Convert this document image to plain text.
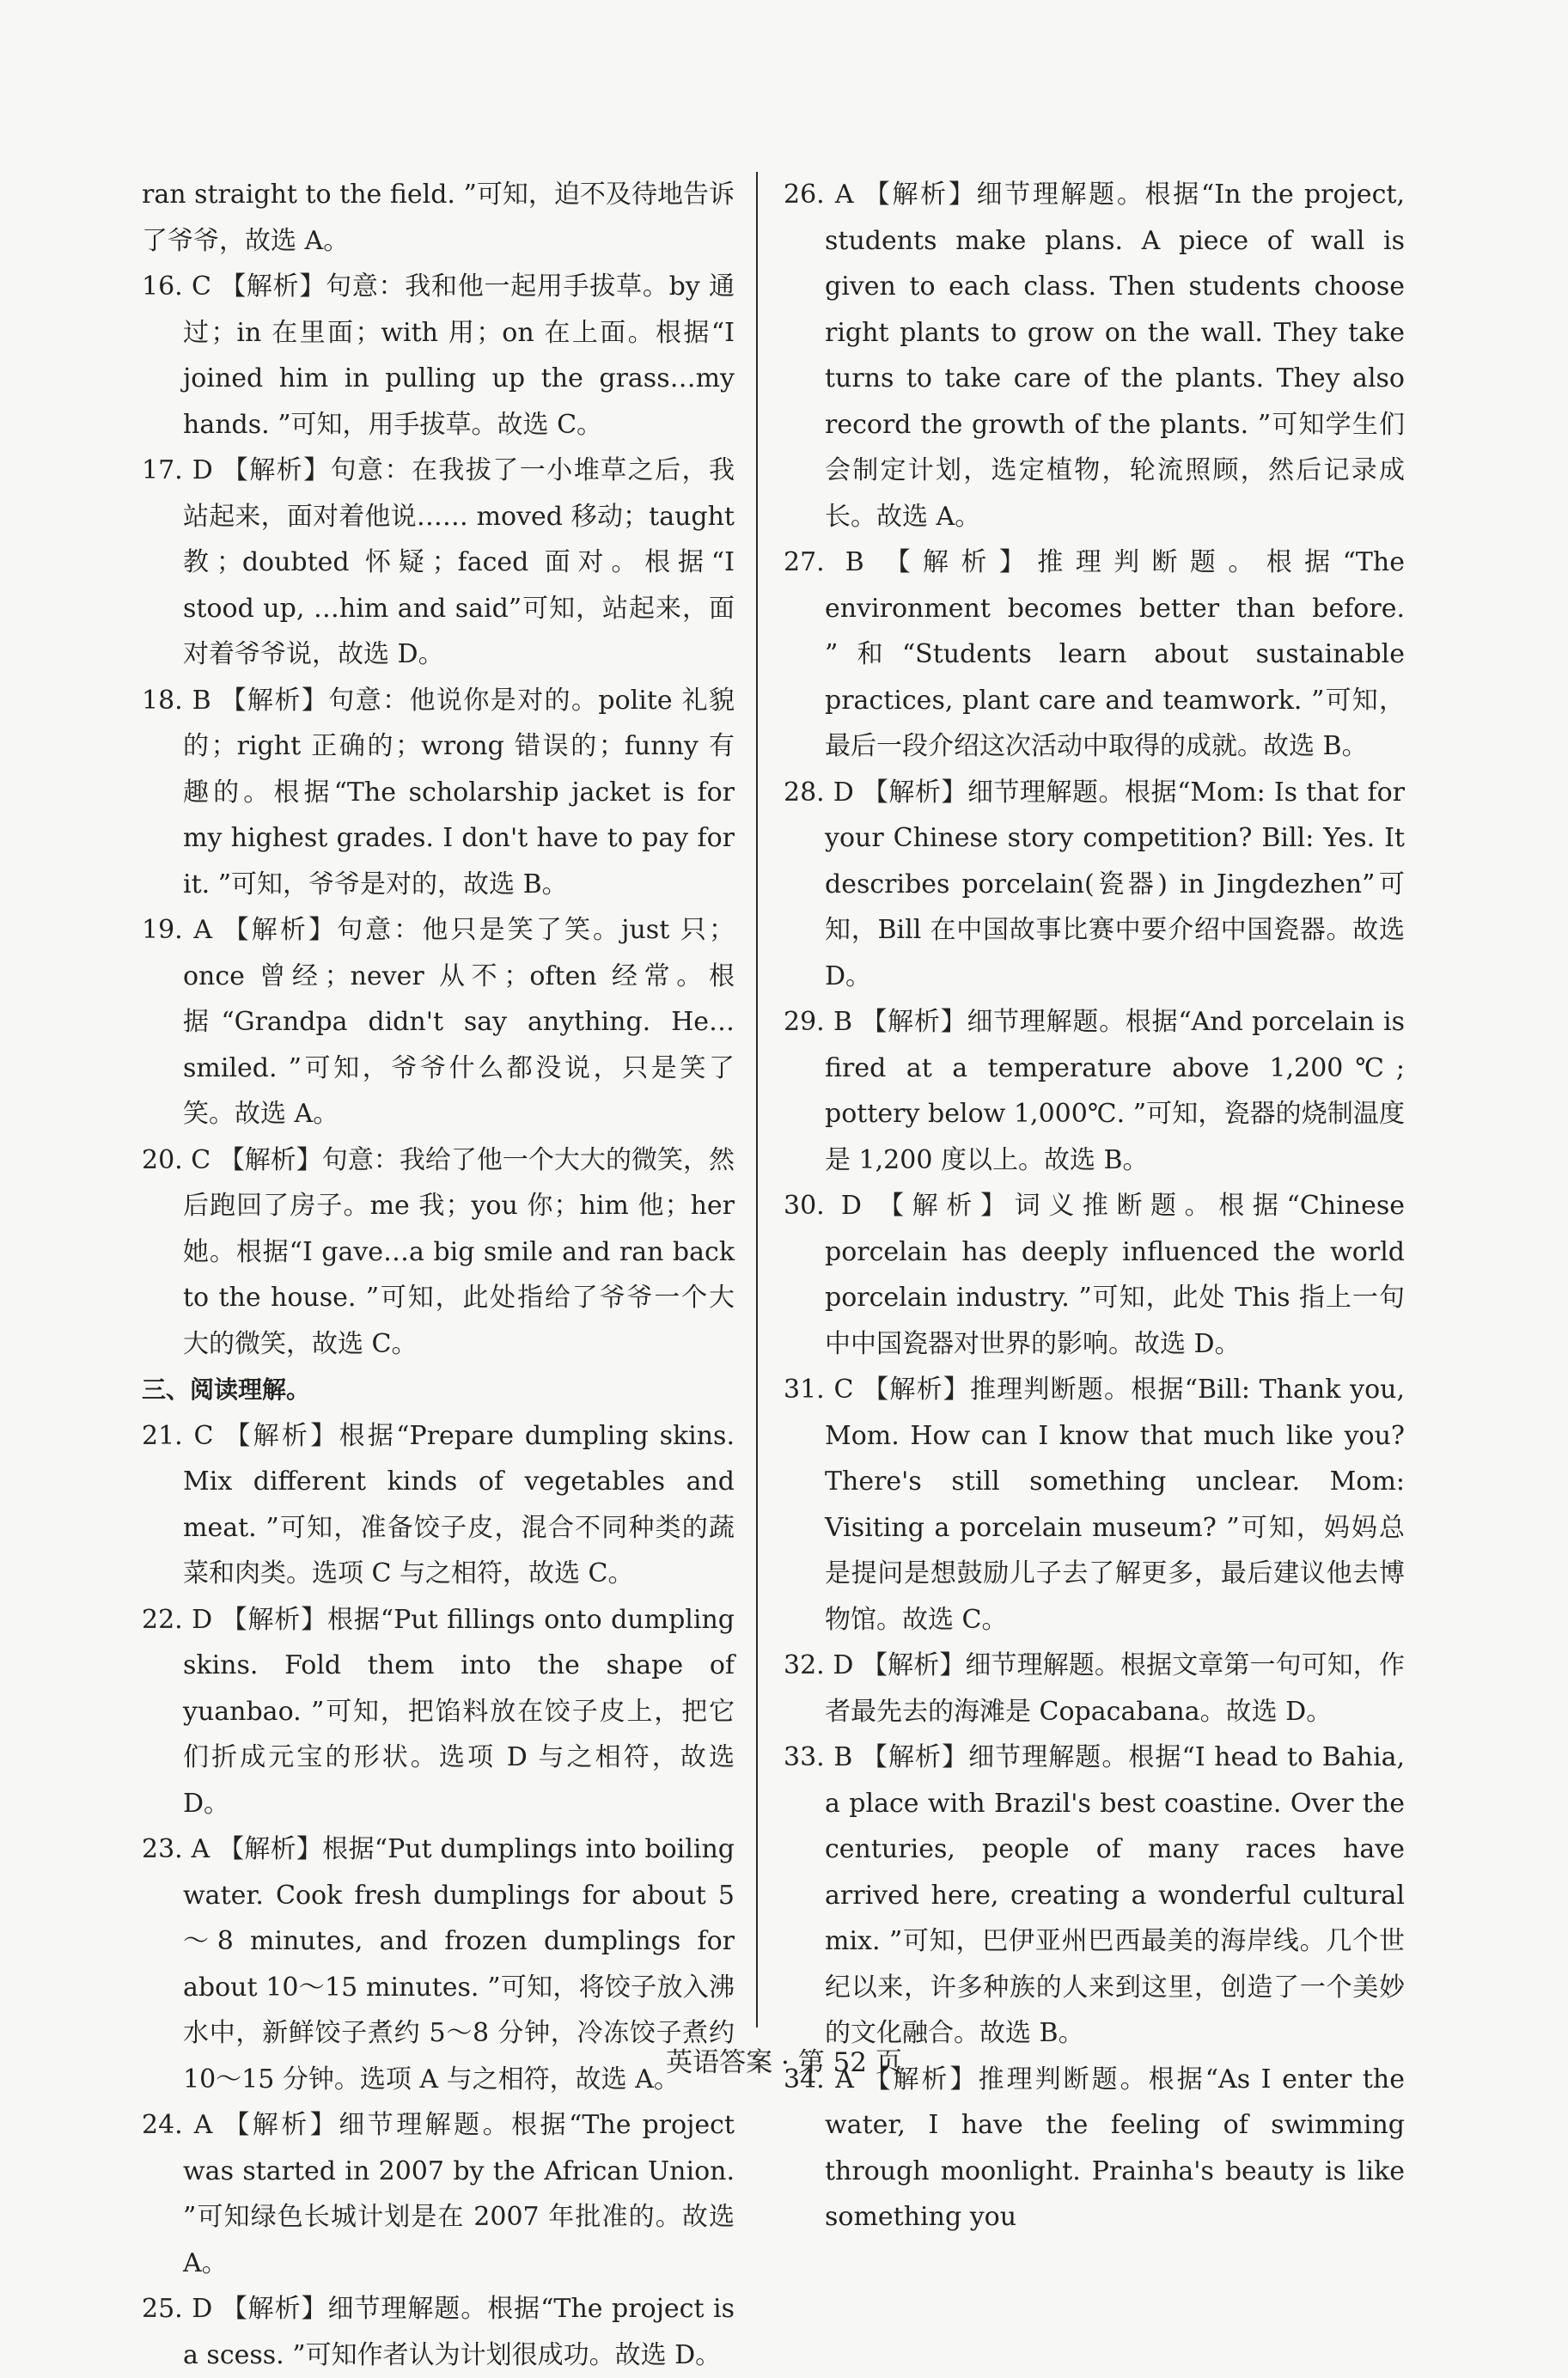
ran straight to the field. ”可知，迫不及待地告诉了爷爷，故选 A。

16. C 【解析】句意：我和他一起用手拔草。by 通过；in 在里面；with 用；on 在上面。根据“I joined him in pulling up the grass…my hands. ”可知，用手拔草。故选 C。

17. D 【解析】句意：在我拔了一小堆草之后，我站起来，面对着他说…… moved 移动；taught 教；doubted 怀疑；faced 面对。根据“I stood up, …him and said”可知，站起来，面对着爷爷说，故选 D。

18. B 【解析】句意：他说你是对的。polite 礼貌的；right 正确的；wrong 错误的；funny 有趣的。根据“The scholarship jacket is for my highest grades. I don't have to pay for it. ”可知，爷爷是对的，故选 B。

19. A 【解析】句意：他只是笑了笑。just 只；once 曾经；never 从不；often 经常。根据“Grandpa didn't say anything. He…smiled. ”可知，爷爷什么都没说，只是笑了笑。故选 A。

20. C 【解析】句意：我给了他一个大大的微笑，然后跑回了房子。me 我；you 你；him 他；her 她。根据“I gave…a big smile and ran back to the house. ”可知，此处指给了爷爷一个大大的微笑，故选 C。

三、阅读理解。

21. C 【解析】根据“Prepare dumpling skins. Mix different kinds of vegetables and meat. ”可知，准备饺子皮，混合不同种类的蔬菜和肉类。选项 C 与之相符，故选 C。

22. D 【解析】根据“Put fillings onto dumpling skins. Fold them into the shape of yuanbao. ”可知，把馅料放在饺子皮上，把它们折成元宝的形状。选项 D 与之相符，故选 D。

23. A 【解析】根据“Put dumplings into boiling water. Cook fresh dumplings for about 5～8 minutes, and frozen dumplings for about 10～15 minutes. ”可知，将饺子放入沸水中，新鲜饺子煮约 5～8 分钟，冷冻饺子煮约 10～15 分钟。选项 A 与之相符，故选 A。

24. A 【解析】细节理解题。根据“The project was started in 2007 by the African Union. ”可知绿色长城计划是在 2007 年批准的。故选 A。

25. D 【解析】细节理解题。根据“The project is a scess. ”可知作者认为计划很成功。故选 D。

26. A 【解析】细节理解题。根据“In the project, students make plans. A piece of wall is given to each class. Then students choose right plants to grow on the wall. They take turns to take care of the plants. They also record the growth of the plants. ”可知学生们会制定计划，选定植物，轮流照顾，然后记录成长。故选 A。

27. B 【解析】推理判断题。根据“The environment becomes better than before. ”和“Students learn about sustainable practices, plant care and teamwork. ”可知，最后一段介绍这次活动中取得的成就。故选 B。

28. D 【解析】细节理解题。根据“Mom: Is that for your Chinese story competition? Bill: Yes. It describes porcelain(瓷器) in Jingdezhen”可知，Bill 在中国故事比赛中要介绍中国瓷器。故选 D。

29. B 【解析】细节理解题。根据“And porcelain is fired at a temperature above 1,200℃; pottery below 1,000℃. ”可知，瓷器的烧制温度是 1,200 度以上。故选 B。

30. D 【解析】词义推断题。根据“Chinese porcelain has deeply influenced the world porcelain industry. ”可知，此处 This 指上一句中中国瓷器对世界的影响。故选 D。

31. C 【解析】推理判断题。根据“Bill: Thank you, Mom. How can I know that much like you? There's still something unclear. Mom: Visiting a porcelain museum? ”可知，妈妈总是提问是想鼓励儿子去了解更多，最后建议他去博物馆。故选 C。

32. D 【解析】细节理解题。根据文章第一句可知，作者最先去的海滩是 Copacabana。故选 D。

33. B 【解析】细节理解题。根据“I head to Bahia, a place with Brazil's best coastine. Over the centuries, people of many races have arrived here, creating a wonderful cultural mix. ”可知，巴伊亚州巴西最美的海岸线。几个世纪以来，许多种族的人来到这里，创造了一个美妙的文化融合。故选 B。

34. A 【解析】推理判断题。根据“As I enter the water, I have the feeling of swimming through moonlight. Prainha's beauty is like something you

英语答案 · 第 52 页
